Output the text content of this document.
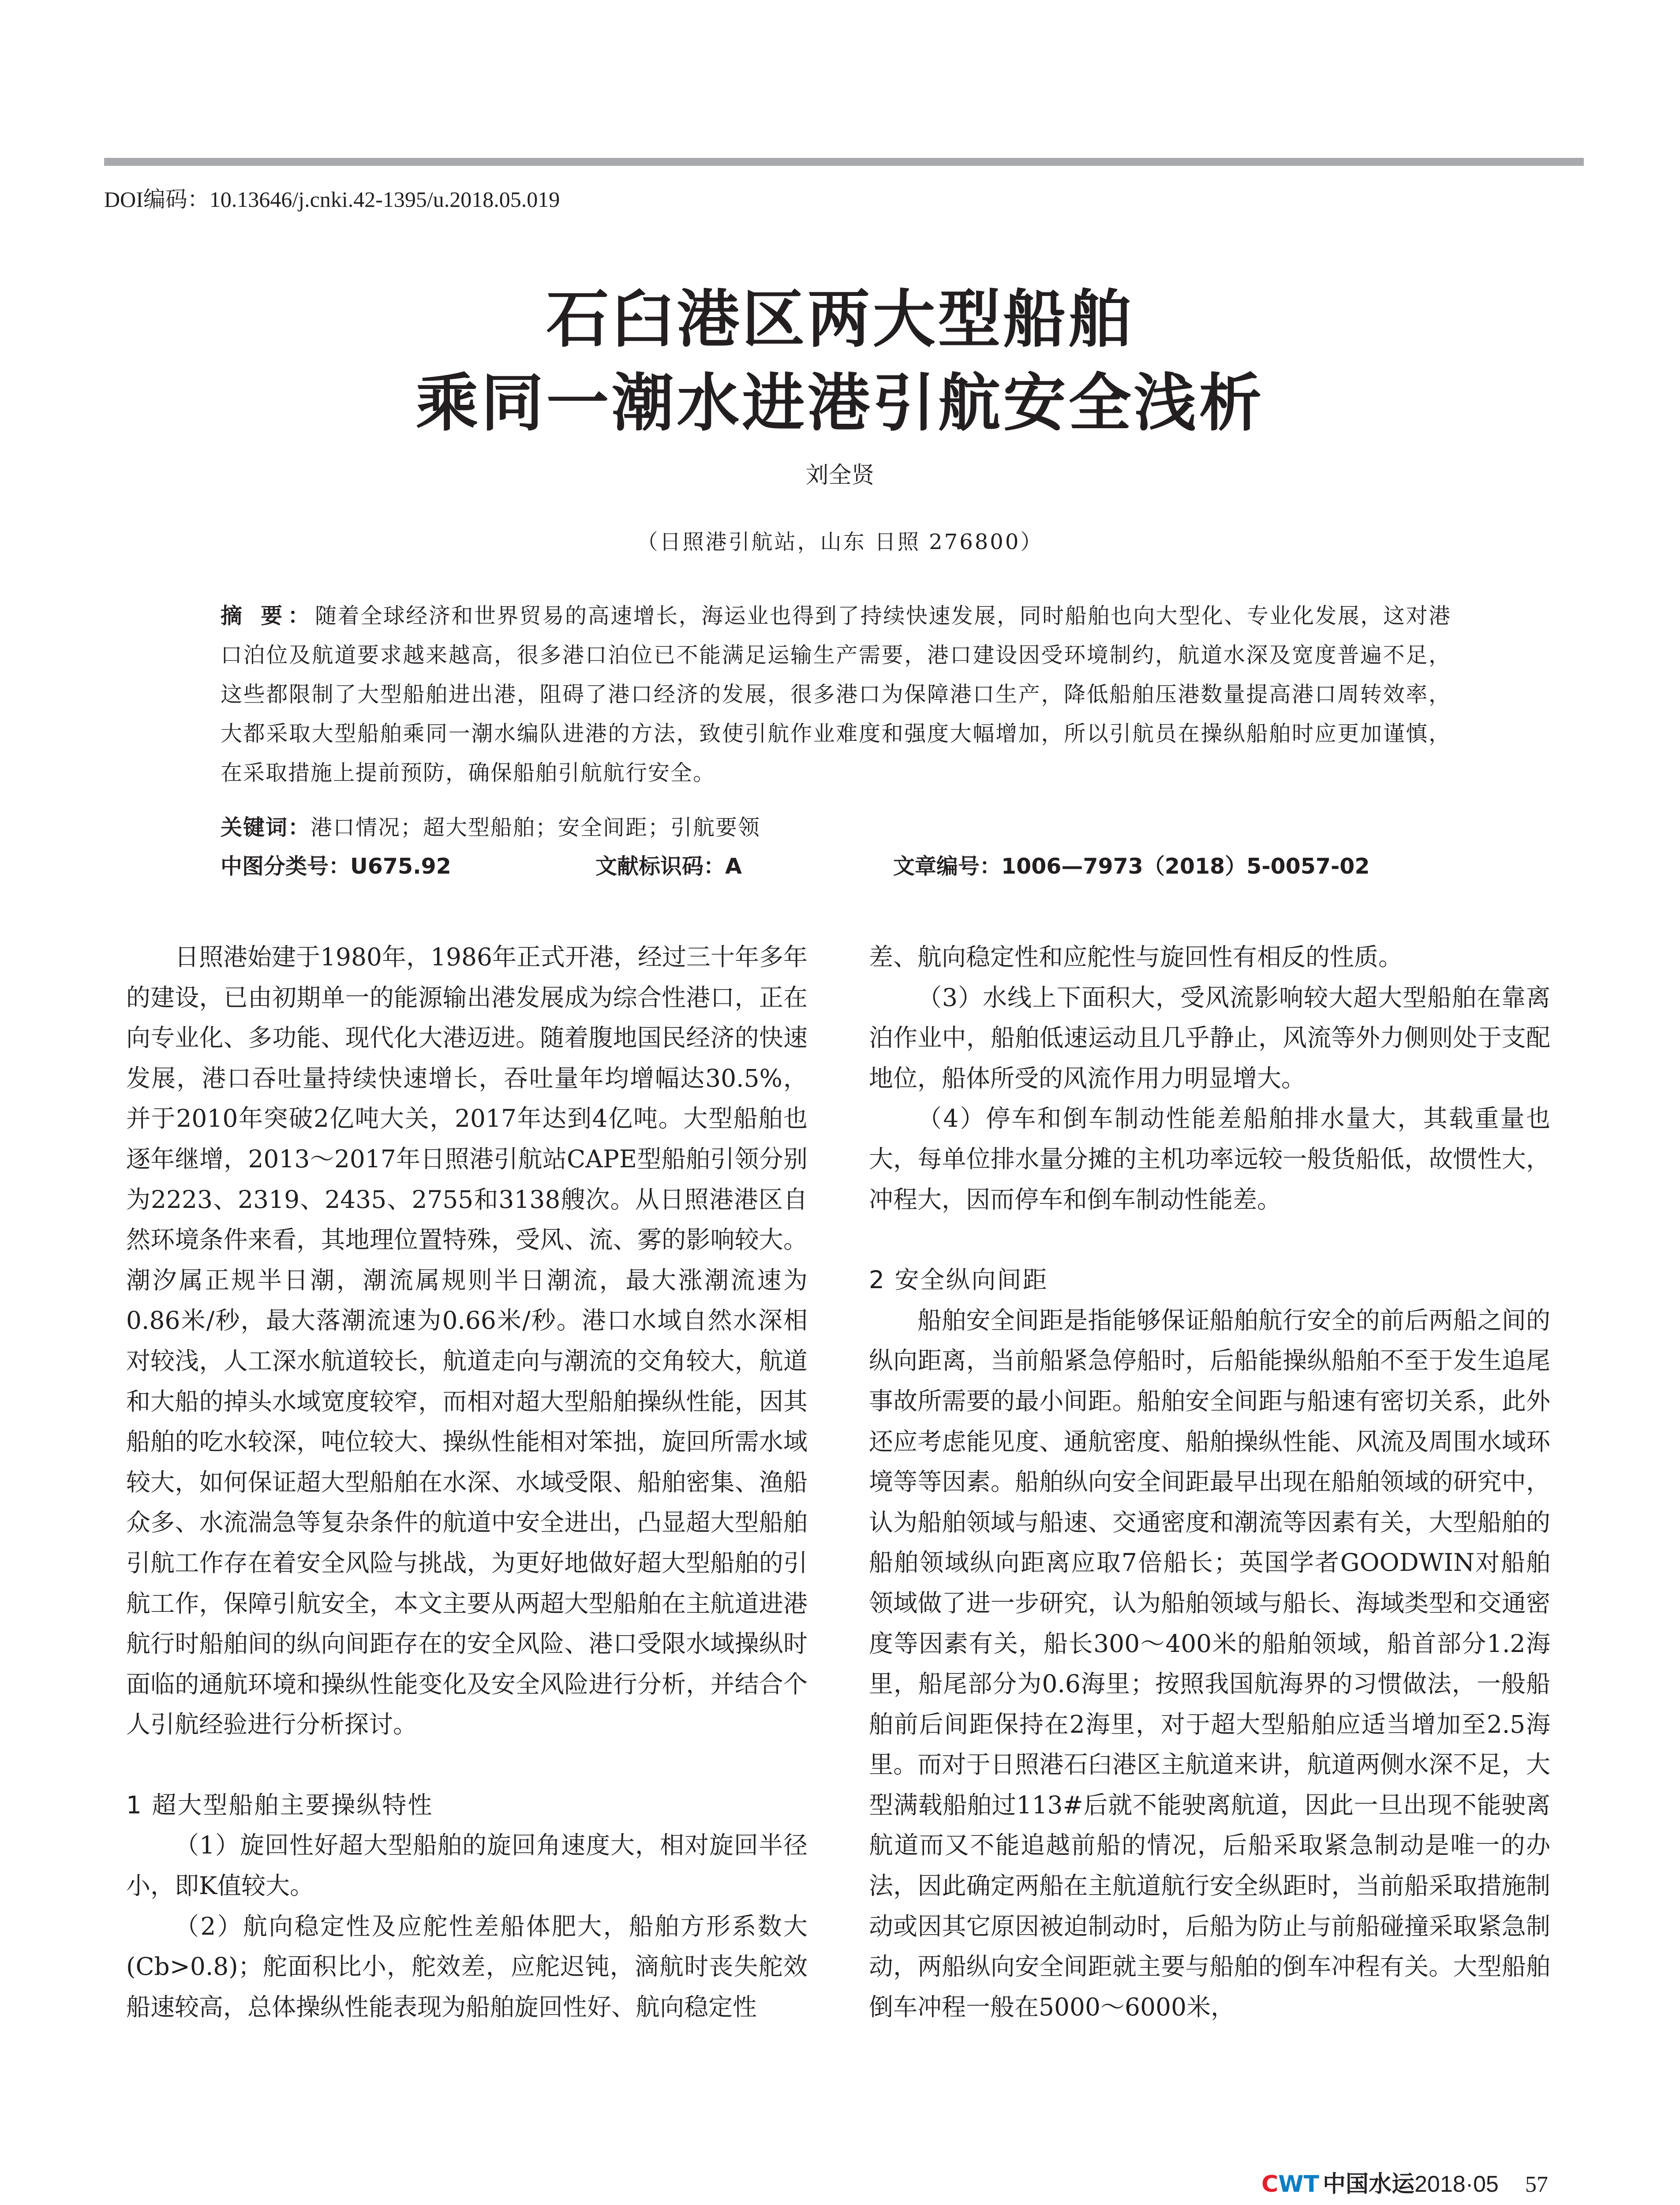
DOI编码：10.13646/j.cnki.42-1395/u.2018.05.019
石臼港区两大型船舶
乘同一潮水进港引航安全浅析
刘全贤
（日照港引航站，山东 日照 276800）
摘 要：随着全球经济和世界贸易的高速增长，海运业也得到了持续快速发展，同时船舶也向大型化、专业化发展，这对港口泊位及航道要求越来越高，很多港口泊位已不能满足运输生产需要，港口建设因受环境制约，航道水深及宽度普遍不足，这些都限制了大型船舶进出港，阻碍了港口经济的发展，很多港口为保障港口生产，降低船舶压港数量提高港口周转效率，大都采取大型船舶乘同一潮水编队进港的方法，致使引航作业难度和强度大幅增加，所以引航员在操纵船舶时应更加谨慎，在采取措施上提前预防，确保船舶引航航行安全。
关键词：港口情况；超大型船舶；安全间距；引航要领
中图分类号：U675.92	文献标识码：A	文章编号：1006—7973（2018）5-0057-02

日照港始建于1980年，1986年正式开港，经过三十年多年的建设，已由初期单一的能源输出港发展成为综合性港口，正在向专业化、多功能、现代化大港迈进。随着腹地国民经济的快速发展，港口吞吐量持续快速增长，吞吐量年均增幅达30.5%，并于2010年突破2亿吨大关，2017年达到4亿吨。大型船舶也逐年继增，2013～2017年日照港引航站CAPE型船舶引领分别为2223、2319、2435、2755和3138艘次。从日照港港区自然环境条件来看，其地理位置特殊，受风、流、雾的影响较大。潮汐属正规半日潮，潮流属规则半日潮流，最大涨潮流速为0.86米/秒，最大落潮流速为0.66米/秒。港口水域自然水深相对较浅，人工深水航道较长，航道走向与潮流的交角较大，航道和大船的掉头水域宽度较窄，而相对超大型船舶操纵性能，因其船舶的吃水较深，吨位较大、操纵性能相对笨拙，旋回所需水域较大，如何保证超大型船舶在水深、水域受限、船舶密集、渔船众多、水流湍急等复杂条件的航道中安全进出，凸显超大型船舶引航工作存在着安全风险与挑战，为更好地做好超大型船舶的引航工作，保障引航安全，本文主要从两超大型船舶在主航道进港航行时船舶间的纵向间距存在的安全风险、港口受限水域操纵时面临的通航环境和操纵性能变化及安全风险进行分析，并结合个人引航经验进行分析探讨。

1 超大型船舶主要操纵特性

（1）旋回性好超大型船舶的旋回角速度大，相对旋回半径小，即K值较大。

（2）航向稳定性及应舵性差船体肥大，船舶方形系数大(Cb>0.8)；舵面积比小，舵效差，应舵迟钝，滴航时丧失舵效船速较高，总体操纵性能表现为船舶旋回性好、航向稳定性

差、航向稳定性和应舵性与旋回性有相反的性质。

（3）水线上下面积大，受风流影响较大超大型船舶在靠离泊作业中，船舶低速运动且几乎静止，风流等外力侧则处于支配地位，船体所受的风流作用力明显增大。

（4）停车和倒车制动性能差船舶排水量大，其载重量也大，每单位排水量分摊的主机功率远较一般货船低，故惯性大，冲程大，因而停车和倒车制动性能差。

2 安全纵向间距

船舶安全间距是指能够保证船舶航行安全的前后两船之间的纵向距离，当前船紧急停船时，后船能操纵船舶不至于发生追尾事故所需要的最小间距。船舶安全间距与船速有密切关系，此外还应考虑能见度、通航密度、船舶操纵性能、风流及周围水域环境等等因素。船舶纵向安全间距最早出现在船舶领域的研究中，认为船舶领域与船速、交通密度和潮流等因素有关，大型船舶的船舶领域纵向距离应取7倍船长；英国学者GOODWIN对船舶领域做了进一步研究，认为船舶领域与船长、海域类型和交通密度等因素有关，船长300～400米的船舶领域，船首部分1.2海里，船尾部分为0.6海里；按照我国航海界的习惯做法，一般船舶前后间距保持在2海里，对于超大型船舶应适当增加至2.5海里。而对于日照港石臼港区主航道来讲，航道两侧水深不足，大型满载船舶过113#后就不能驶离航道，因此一旦出现不能驶离航道而又不能追越前船的情况，后船采取紧急制动是唯一的办法，因此确定两船在主航道航行安全纵距时，当前船采取措施制动或因其它原因被迫制动时，后船为防止与前船碰撞采取紧急制动，两船纵向安全间距就主要与船舶的倒车冲程有关。大型船舶倒车冲程一般在5000～6000米，

CWT 中国水运2018·05 57
